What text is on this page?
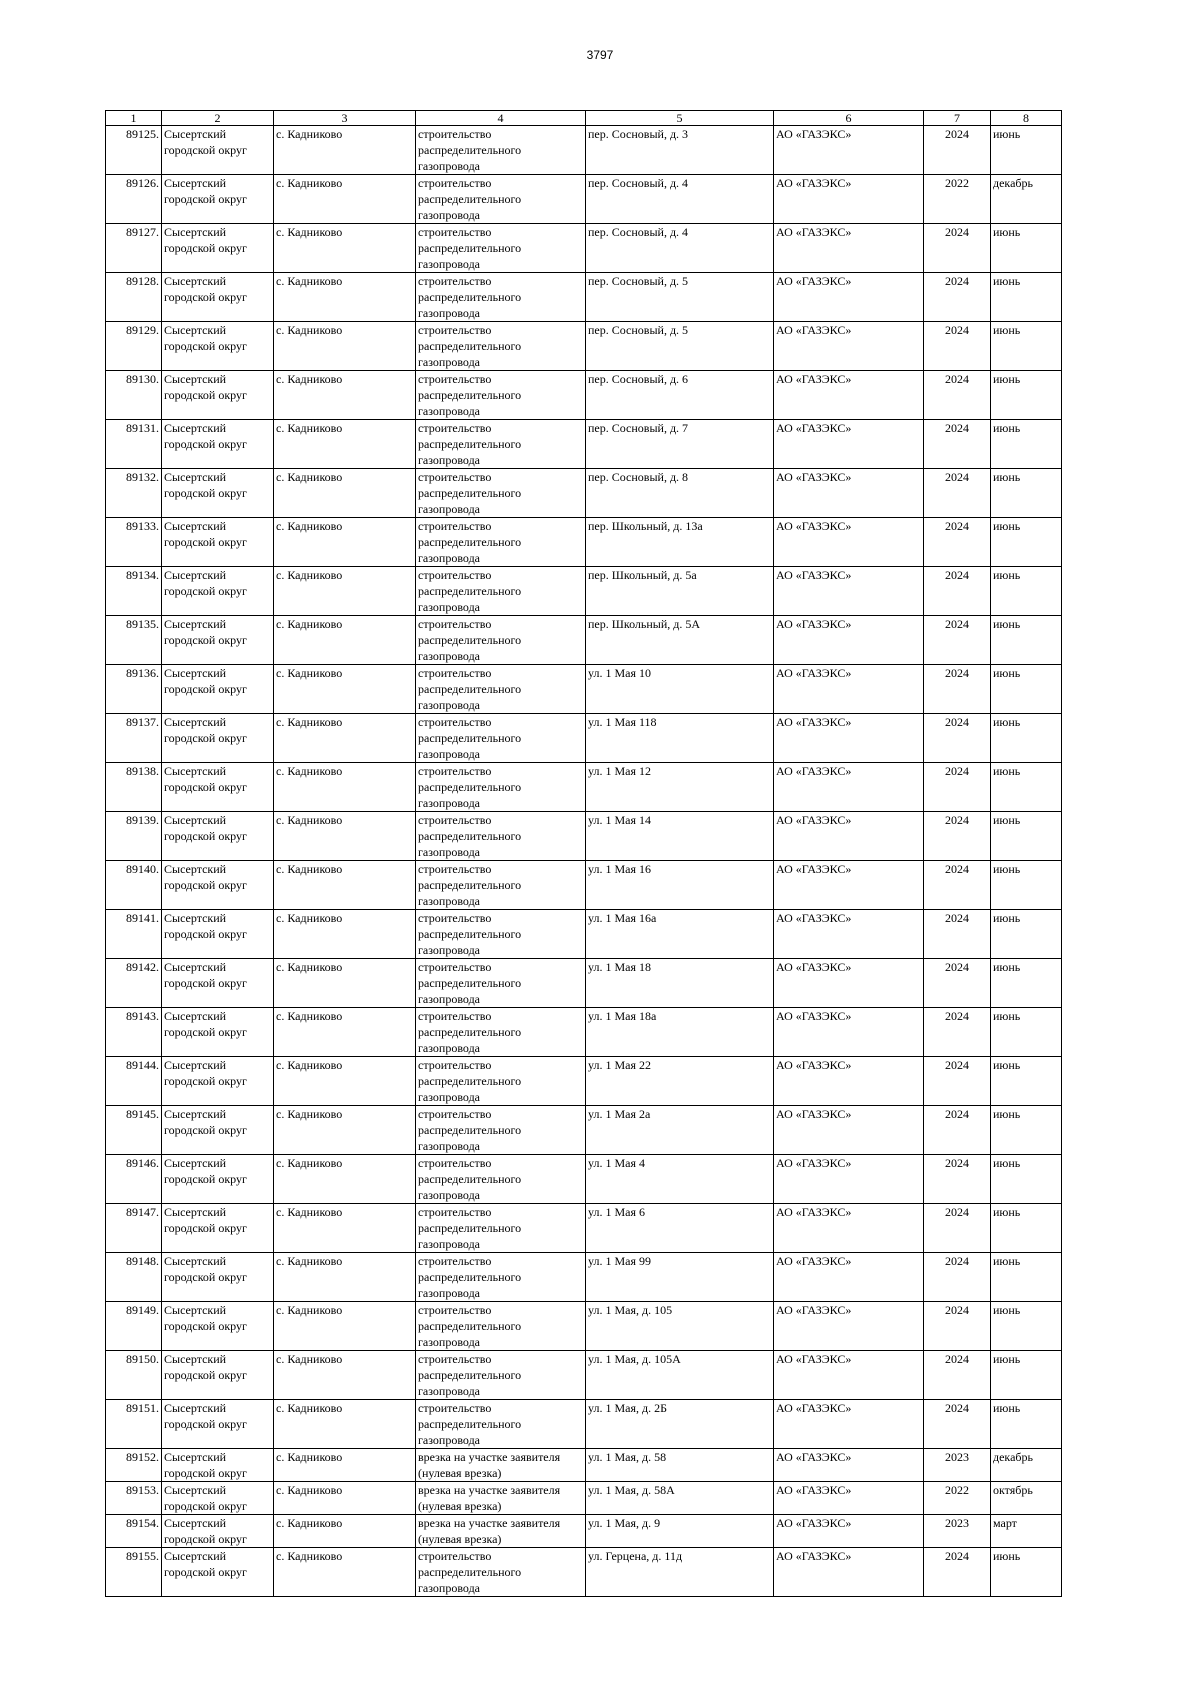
3797
1	2	3	4	5	6	7	8
89125.	Сысертский городской округ	с. Кадниково	строительство распределительного газопровода	пер. Сосновый, д. 3	АО «ГАЗЭКС»	2024	июнь
89126.	Сысертский городской округ	с. Кадниково	строительство распределительного газопровода	пер. Сосновый, д. 4	АО «ГАЗЭКС»	2022	декабрь
89127.	Сысертский городской округ	с. Кадниково	строительство распределительного газопровода	пер. Сосновый, д. 4	АО «ГАЗЭКС»	2024	июнь
89128.	Сысертский городской округ	с. Кадниково	строительство распределительного газопровода	пер. Сосновый, д. 5	АО «ГАЗЭКС»	2024	июнь
89129.	Сысертский городской округ	с. Кадниково	строительство распределительного газопровода	пер. Сосновый, д. 5	АО «ГАЗЭКС»	2024	июнь
89130.	Сысертский городской округ	с. Кадниково	строительство распределительного газопровода	пер. Сосновый, д. 6	АО «ГАЗЭКС»	2024	июнь
89131.	Сысертский городской округ	с. Кадниково	строительство распределительного газопровода	пер. Сосновый, д. 7	АО «ГАЗЭКС»	2024	июнь
89132.	Сысертский городской округ	с. Кадниково	строительство распределительного газопровода	пер. Сосновый, д. 8	АО «ГАЗЭКС»	2024	июнь
89133.	Сысертский городской округ	с. Кадниково	строительство распределительного газопровода	пер. Школьный, д. 13а	АО «ГАЗЭКС»	2024	июнь
89134.	Сысертский городской округ	с. Кадниково	строительство распределительного газопровода	пер. Школьный, д. 5а	АО «ГАЗЭКС»	2024	июнь
89135.	Сысертский городской округ	с. Кадниково	строительство распределительного газопровода	пер. Школьный, д. 5А	АО «ГАЗЭКС»	2024	июнь
89136.	Сысертский городской округ	с. Кадниково	строительство распределительного газопровода	ул. 1 Мая 10	АО «ГАЗЭКС»	2024	июнь
89137.	Сысертский городской округ	с. Кадниково	строительство распределительного газопровода	ул. 1 Мая 118	АО «ГАЗЭКС»	2024	июнь
89138.	Сысертский городской округ	с. Кадниково	строительство распределительного газопровода	ул. 1 Мая 12	АО «ГАЗЭКС»	2024	июнь
89139.	Сысертский городской округ	с. Кадниково	строительство распределительного газопровода	ул. 1 Мая 14	АО «ГАЗЭКС»	2024	июнь
89140.	Сысертский городской округ	с. Кадниково	строительство распределительного газопровода	ул. 1 Мая 16	АО «ГАЗЭКС»	2024	июнь
89141.	Сысертский городской округ	с. Кадниково	строительство распределительного газопровода	ул. 1 Мая 16а	АО «ГАЗЭКС»	2024	июнь
89142.	Сысертский городской округ	с. Кадниково	строительство распределительного газопровода	ул. 1 Мая 18	АО «ГАЗЭКС»	2024	июнь
89143.	Сысертский городской округ	с. Кадниково	строительство распределительного газопровода	ул. 1 Мая 18а	АО «ГАЗЭКС»	2024	июнь
89144.	Сысертский городской округ	с. Кадниково	строительство распределительного газопровода	ул. 1 Мая 22	АО «ГАЗЭКС»	2024	июнь
89145.	Сысертский городской округ	с. Кадниково	строительство распределительного газопровода	ул. 1 Мая 2а	АО «ГАЗЭКС»	2024	июнь
89146.	Сысертский городской округ	с. Кадниково	строительство распределительного газопровода	ул. 1 Мая 4	АО «ГАЗЭКС»	2024	июнь
89147.	Сысертский городской округ	с. Кадниково	строительство распределительного газопровода	ул. 1 Мая 6	АО «ГАЗЭКС»	2024	июнь
89148.	Сысертский городской округ	с. Кадниково	строительство распределительного газопровода	ул. 1 Мая 99	АО «ГАЗЭКС»	2024	июнь
89149.	Сысертский городской округ	с. Кадниково	строительство распределительного газопровода	ул. 1 Мая, д. 105	АО «ГАЗЭКС»	2024	июнь
89150.	Сысертский городской округ	с. Кадниково	строительство распределительного газопровода	ул. 1 Мая, д. 105А	АО «ГАЗЭКС»	2024	июнь
89151.	Сысертский городской округ	с. Кадниково	строительство распределительного газопровода	ул. 1 Мая, д. 2Б	АО «ГАЗЭКС»	2024	июнь
89152.	Сысертский городской округ	с. Кадниково	врезка на участке заявителя (нулевая врезка)	ул. 1 Мая, д. 58	АО «ГАЗЭКС»	2023	декабрь
89153.	Сысертский городской округ	с. Кадниково	врезка на участке заявителя (нулевая врезка)	ул. 1 Мая, д. 58А	АО «ГАЗЭКС»	2022	октябрь
89154.	Сысертский городской округ	с. Кадниково	врезка на участке заявителя (нулевая врезка)	ул. 1 Мая, д. 9	АО «ГАЗЭКС»	2023	март
89155.	Сысертский городской округ	с. Кадниково	строительство распределительного газопровода	ул. Герцена, д. 11д	АО «ГАЗЭКС»	2024	июнь
